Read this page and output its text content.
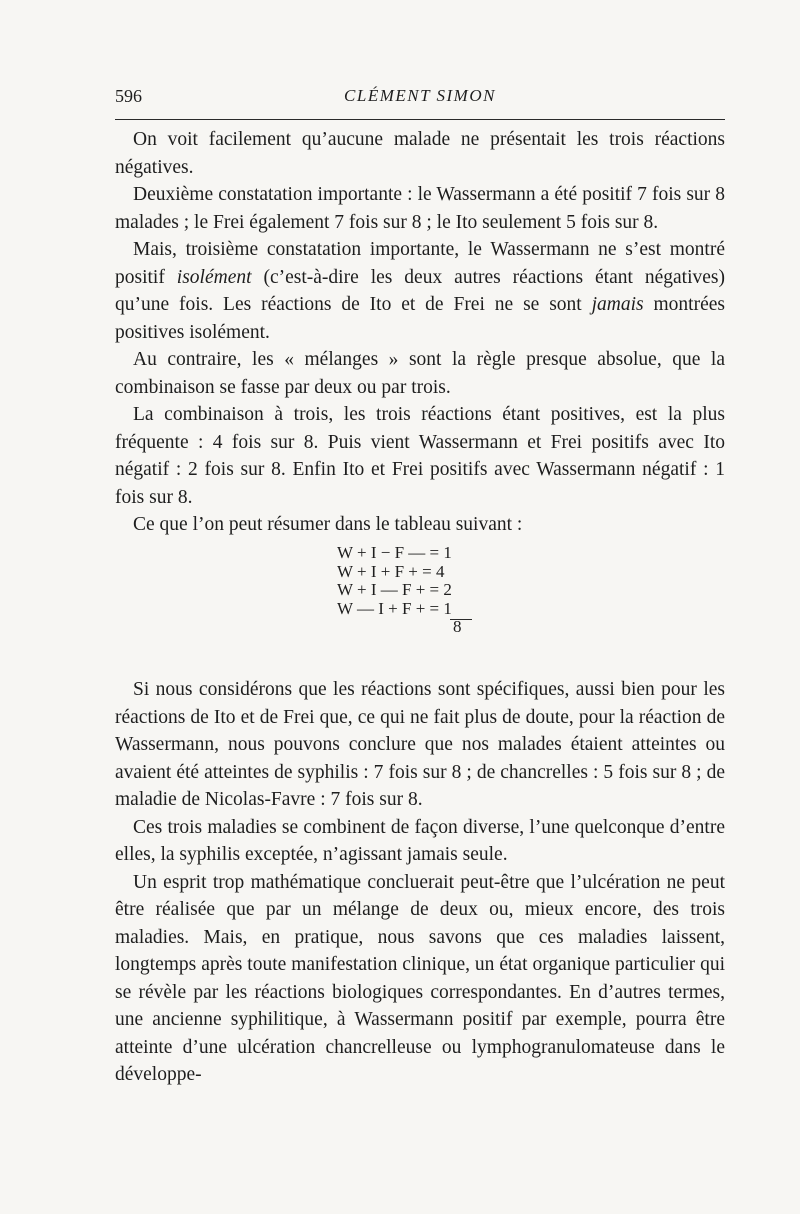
596	CLÉMENT SIMON

On voit facilement qu’aucune malade ne présentait les trois réactions négatives.

Deuxième constatation importante : le Wassermann a été positif 7 fois sur 8 malades ; le Frei également 7 fois sur 8 ; le Ito seulement 5 fois sur 8.

Mais, troisième constatation importante, le Wassermann ne s’est montré positif isolément (c’est-à-dire les deux autres réactions étant négatives) qu’une fois. Les réactions de Ito et de Frei ne se sont jamais montrées positives isolément.

Au contraire, les « mélanges » sont la règle presque absolue, que la combinaison se fasse par deux ou par trois.

La combinaison à trois, les trois réactions étant positives, est la plus fréquente : 4 fois sur 8. Puis vient Wassermann et Frei positifs avec Ito négatif : 2 fois sur 8. Enfin Ito et Frei positifs avec Wassermann négatif : 1 fois sur 8.

Ce que l’on peut résumer dans le tableau suivant :

W + I − F — = 1
W + I + F + = 4
W + I — F + = 2
W — I + F + = 1
8

Si nous considérons que les réactions sont spécifiques, aussi bien pour les réactions de Ito et de Frei que, ce qui ne fait plus de doute, pour la réaction de Wassermann, nous pouvons conclure que nos malades étaient atteintes ou avaient été atteintes de syphilis : 7 fois sur 8 ; de chancrelles : 5 fois sur 8 ; de maladie de Nicolas-Favre : 7 fois sur 8.

Ces trois maladies se combinent de façon diverse, l’une quelconque d’entre elles, la syphilis exceptée, n’agissant jamais seule.

Un esprit trop mathématique concluerait peut-être que l’ulcération ne peut être réalisée que par un mélange de deux ou, mieux encore, des trois maladies. Mais, en pratique, nous savons que ces maladies laissent, longtemps après toute manifestation clinique, un état organique particulier qui se révèle par les réactions biologiques correspondantes. En d’autres termes, une ancienne syphilitique, à Wassermann positif par exemple, pourra être atteinte d’une ulcération chancrelleuse ou lymphogranulomateuse dans le développe-
